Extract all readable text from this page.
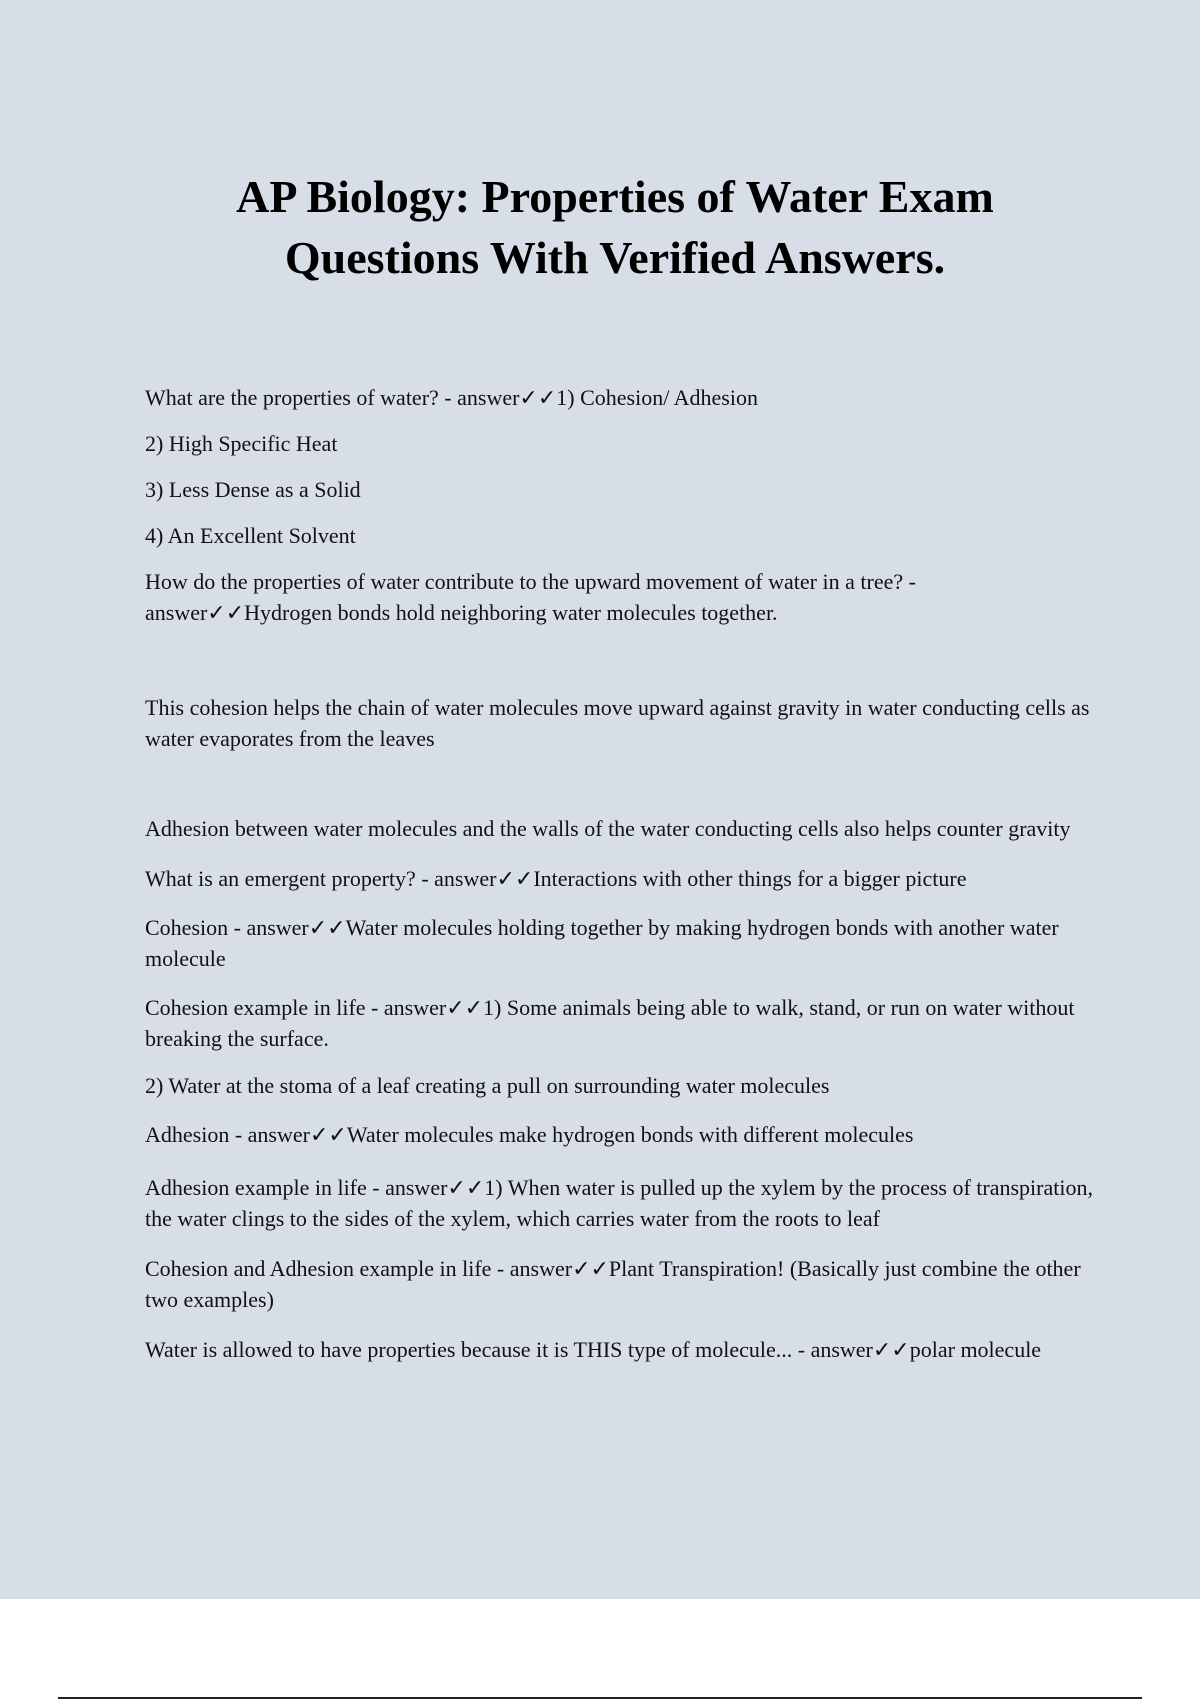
AP Biology: Properties of Water Exam
Questions With Verified Answers.

What are the properties of water? - answer✓✓1) Cohesion/ Adhesion

2) High Specific Heat

3) Less Dense as a Solid

4) An Excellent Solvent

How do the properties of water contribute to the upward movement of water in a tree? - answer✓✓Hydrogen bonds hold neighboring water molecules together.

This cohesion helps the chain of water molecules move upward against gravity in water conducting cells as water evaporates from the leaves

Adhesion between water molecules and the walls of the water conducting cells also helps counter gravity

What is an emergent property? - answer✓✓Interactions with other things for a bigger picture

Cohesion - answer✓✓Water molecules holding together by making hydrogen bonds with another water molecule

Cohesion example in life - answer✓✓1) Some animals being able to walk, stand, or run on water without breaking the surface.

2) Water at the stoma of a leaf creating a pull on surrounding water molecules

Adhesion - answer✓✓Water molecules make hydrogen bonds with different molecules

Adhesion example in life - answer✓✓1) When water is pulled up the xylem by the process of transpiration, the water clings to the sides of the xylem, which carries water from the roots to leaf

Cohesion and Adhesion example in life - answer✓✓Plant Transpiration! (Basically just combine the other two examples)

Water is allowed to have properties because it is THIS type of molecule... - answer✓✓polar molecule
